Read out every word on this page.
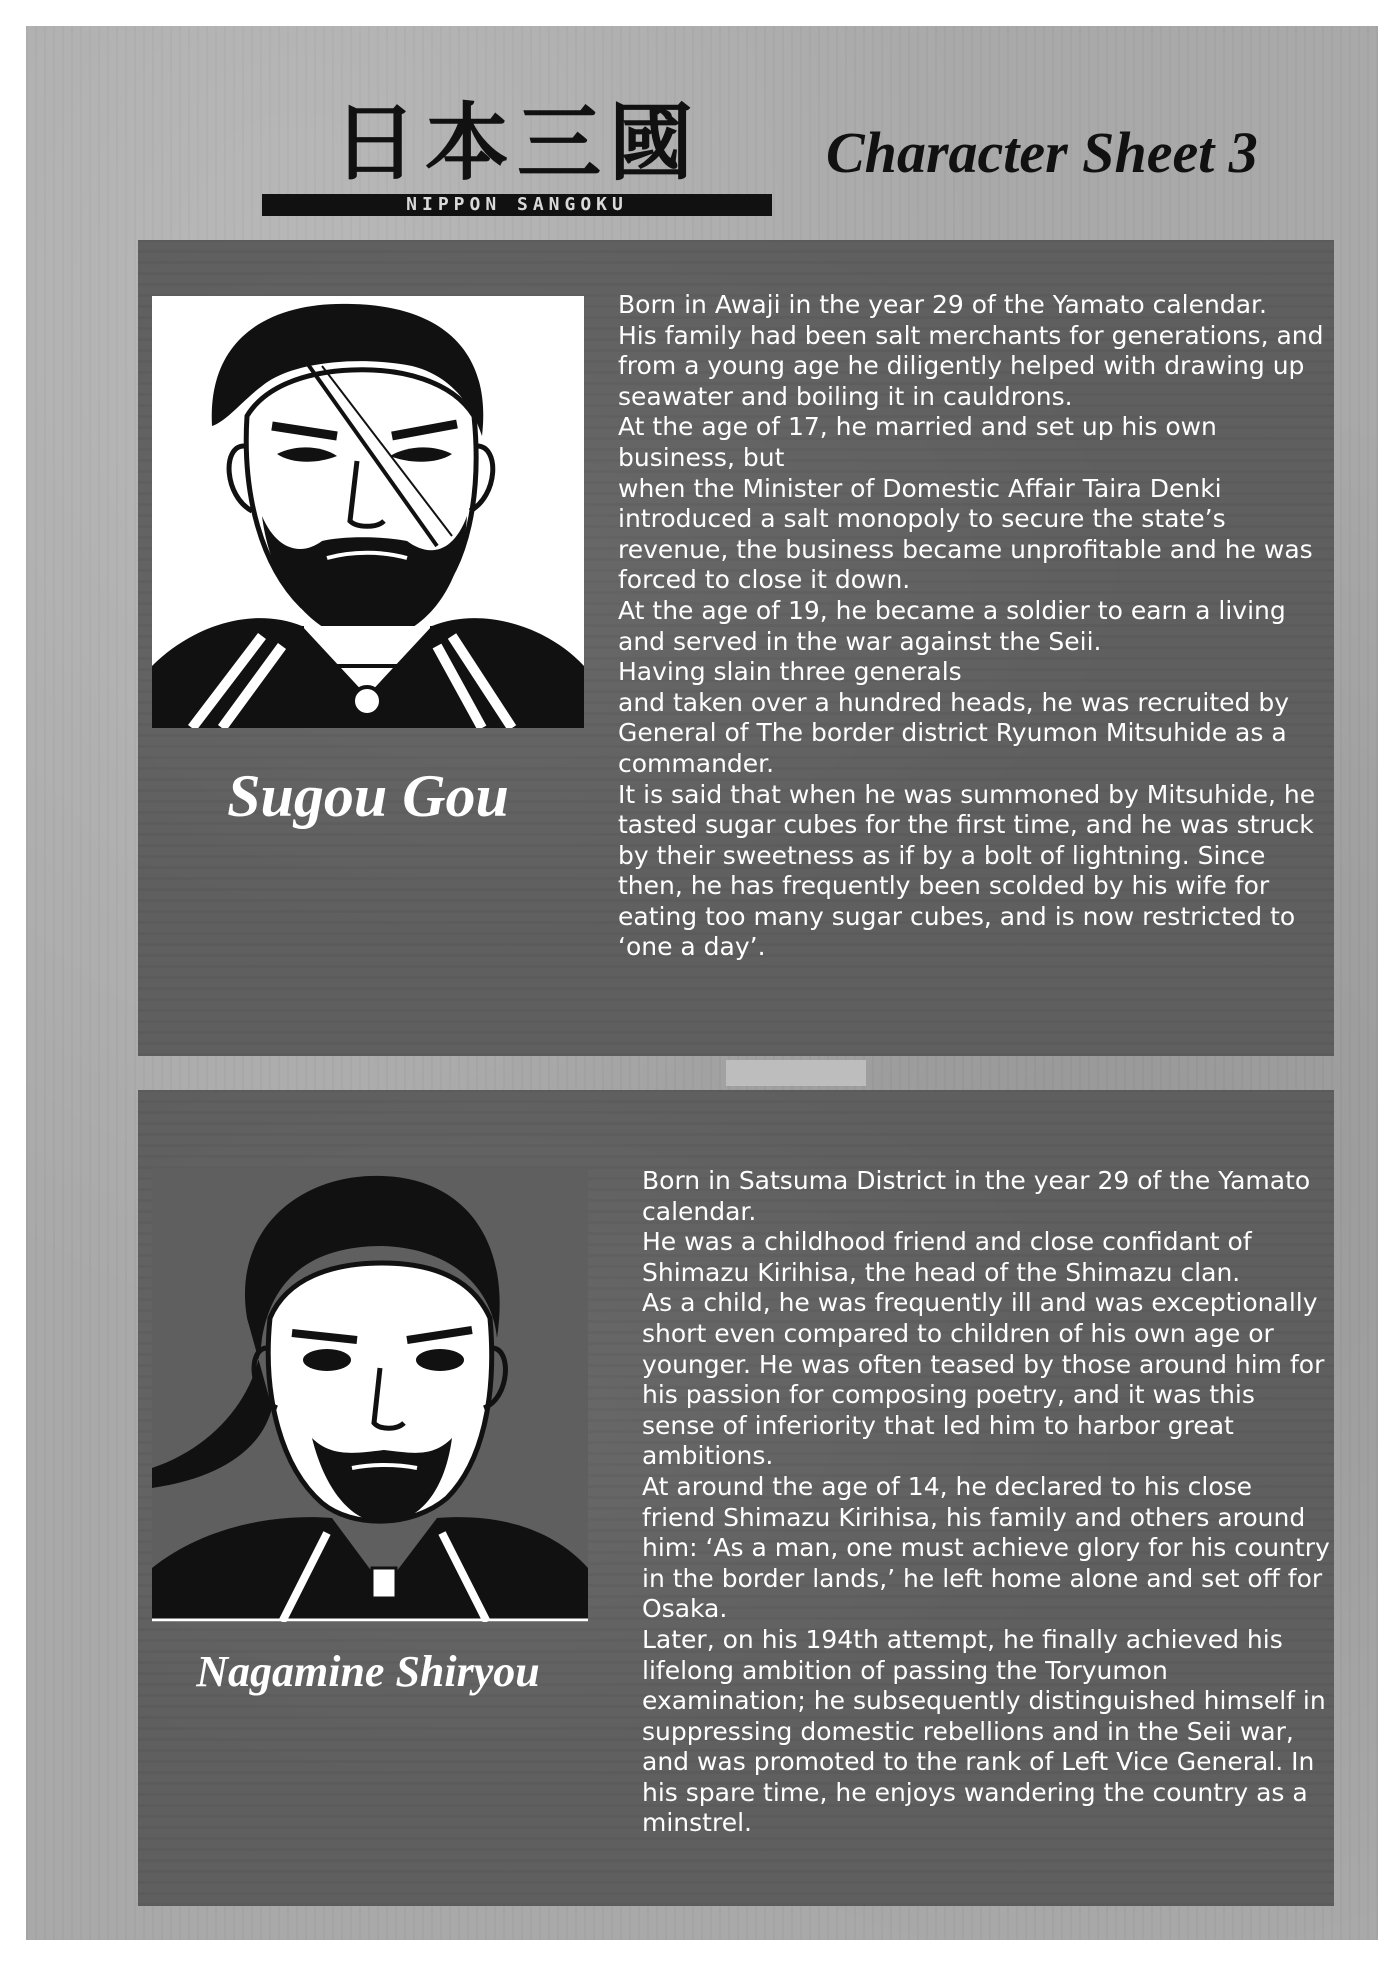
日本三國
NIPPON SANGOKU
Character Sheet 3
Sugou Gou

Born in Awaji in the year 29 of the Yamato calendar.

His family had been salt merchants for generations, and from a young age he diligently helped with drawing up seawater and boiling it in cauldrons.

At the age of 17, he married and set up his own business, but

when the Minister of Domestic Affair Taira Denki introduced a salt monopoly to secure the state’s revenue, the business became unprofitable and he was forced to close it down.

At the age of 19, he became a soldier to earn a living and served in the war against the Seii.

Having slain three generals

and taken over a hundred heads, he was recruited by General of The border district Ryumon Mitsuhide as a commander.

It is said that when he was summoned by Mitsuhide, he tasted sugar cubes for the first time, and he was struck by their sweetness as if by a bolt of lightning. Since then, he has frequently been scolded by his wife for eating too many sugar cubes, and is now restricted to ‘one a day’.

Nagamine Shiryou

Born in Satsuma District in the year 29 of the Yamato calendar.

He was a childhood friend and close confidant of Shimazu Kirihisa, the head of the Shimazu clan.

As a child, he was frequently ill and was exceptionally short even compared to children of his own age or younger. He was often teased by those around him for his passion for composing poetry, and it was this sense of inferiority that led him to harbor great ambitions.

At around the age of 14, he declared to his close friend Shimazu Kirihisa, his family and others around him: ‘As a man, one must achieve glory for his country in the border lands,’ he left home alone and set off for Osaka.

Later, on his 194th attempt, he finally achieved his lifelong ambition of passing the Toryumon examination; he subsequently distinguished himself in suppressing domestic rebellions and in the Seii war, and was promoted to the rank of Left Vice General. In his spare time, he enjoys wandering the country as a minstrel.
